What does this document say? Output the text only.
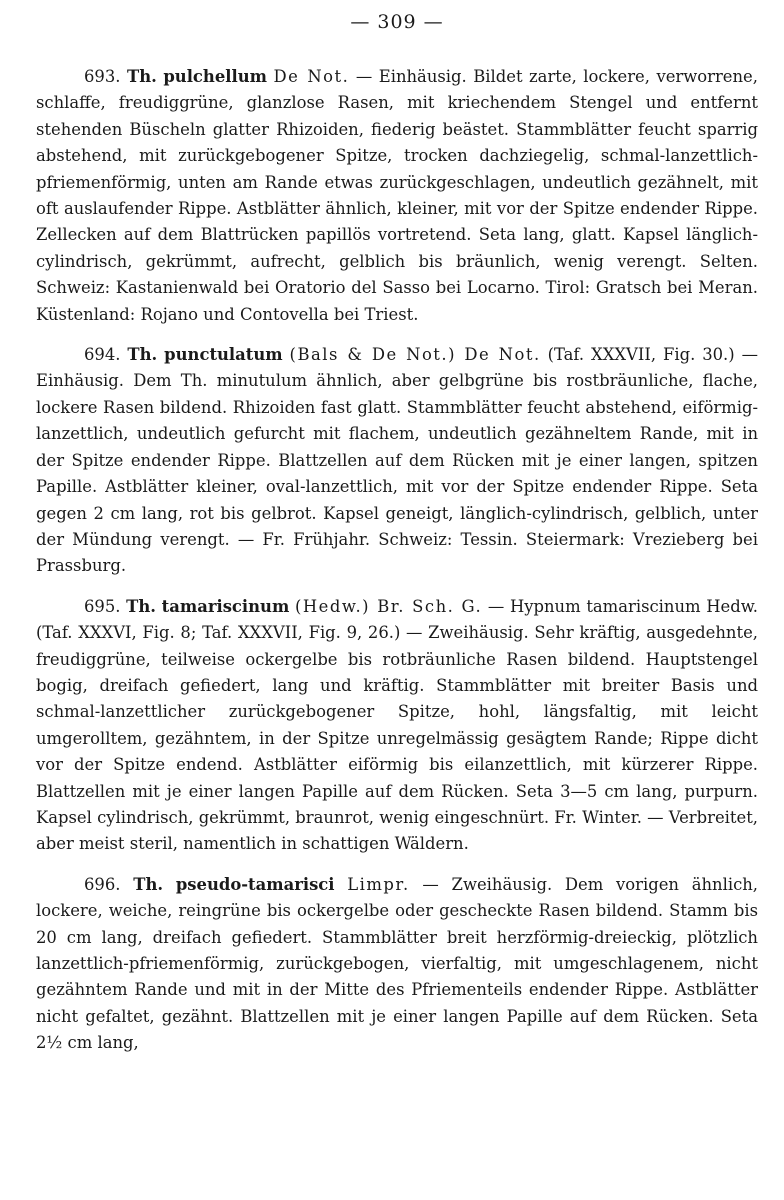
— 309 —

693. Th. pulchellum De Not. — Einhäusig. Bildet zarte, lockere, verworrene, schlaffe, freudiggrüne, glanzlose Rasen, mit kriechendem Stengel und entfernt stehenden Büscheln glatter Rhizoiden, fiederig beästet. Stammblätter feucht sparrig abstehend, mit zurückgebogener Spitze, trocken dachziegelig, schmal-lanzettlich-pfriemenförmig, unten am Rande etwas zurückgeschlagen, undeutlich gezähnelt, mit oft auslaufender Rippe. Astblätter ähnlich, kleiner, mit vor der Spitze endender Rippe. Zellecken auf dem Blattrücken papillös vortretend. Seta lang, glatt. Kapsel länglich-cylindrisch, gekrümmt, aufrecht, gelblich bis bräunlich, wenig verengt. Selten. Schweiz: Kastanienwald bei Oratorio del Sasso bei Locarno. Tirol: Gratsch bei Meran. Küstenland: Rojano und Contovella bei Triest.

694. Th. punctulatum (Bals & De Not.) De Not. (Taf. XXXVII, Fig. 30.) — Einhäusig. Dem Th. minutulum ähnlich, aber gelbgrüne bis rostbräunliche, flache, lockere Rasen bildend. Rhizoiden fast glatt. Stammblätter feucht abstehend, eiförmig-lanzettlich, undeutlich gefurcht mit flachem, undeutlich gezähneltem Rande, mit in der Spitze endender Rippe. Blattzellen auf dem Rücken mit je einer langen, spitzen Papille. Astblätter kleiner, oval-lanzettlich, mit vor der Spitze endender Rippe. Seta gegen 2 cm lang, rot bis gelbrot. Kapsel geneigt, länglich-cylindrisch, gelblich, unter der Mündung verengt. — Fr. Frühjahr. Schweiz: Tessin. Steiermark: Vrezieberg bei Prassburg.

695. Th. tamariscinum (Hedw.) Br. Sch. G. — Hypnum tamariscinum Hedw. (Taf. XXXVI, Fig. 8; Taf. XXXVII, Fig. 9, 26.) — Zweihäusig. Sehr kräftig, ausgedehnte, freudiggrüne, teilweise ockergelbe bis rotbräunliche Rasen bildend. Hauptstengel bogig, dreifach gefiedert, lang und kräftig. Stammblätter mit breiter Basis und schmal-lanzettlicher zurückgebogener Spitze, hohl, längsfaltig, mit leicht umgerolltem, gezähntem, in der Spitze unregelmässig gesägtem Rande; Rippe dicht vor der Spitze endend. Astblätter eiförmig bis eilanzettlich, mit kürzerer Rippe. Blattzellen mit je einer langen Papille auf dem Rücken. Seta 3—5 cm lang, purpurn. Kapsel cylindrisch, gekrümmt, braunrot, wenig eingeschnürt. Fr. Winter. — Verbreitet, aber meist steril, namentlich in schattigen Wäldern.

696. Th. pseudo-tamarisci Limpr. — Zweihäusig. Dem vorigen ähnlich, lockere, weiche, reingrüne bis ockergelbe oder gescheckte Rasen bildend. Stamm bis 20 cm lang, dreifach gefiedert. Stammblätter breit herzförmig-dreieckig, plötzlich lanzettlich-pfriemenförmig, zurückgebogen, vierfaltig, mit umgeschlagenem, nicht gezähntem Rande und mit in der Mitte des Pfriementeils endender Rippe. Astblätter nicht gefaltet, gezähnt. Blattzellen mit je einer langen Papille auf dem Rücken. Seta 2½ cm lang,
